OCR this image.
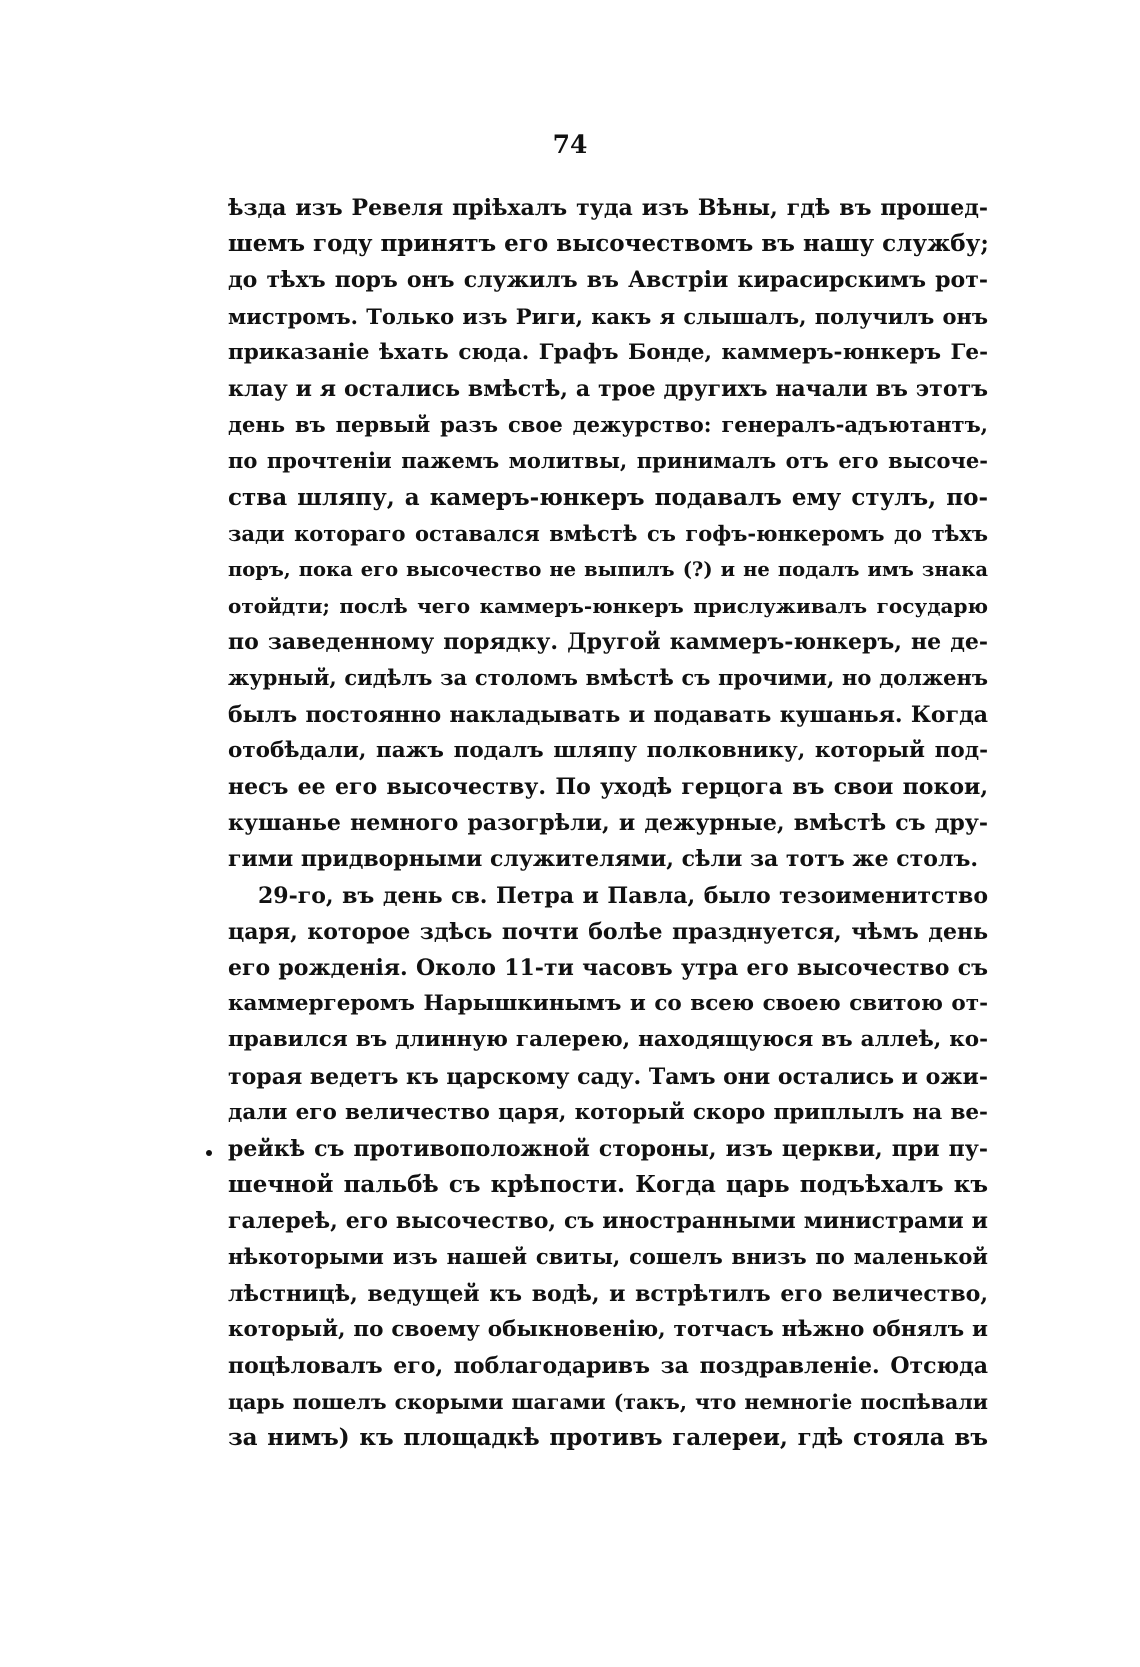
74
ѣзда изъ Ревеля пріѣхалъ туда изъ Вѣны, гдѣ въ прошед-
шемъ году принятъ его высочествомъ въ нашу службу;
до тѣхъ поръ онъ служилъ въ Австріи кирасирскимъ рот-
мистромъ. Только изъ Риги, какъ я слышалъ, получилъ онъ
приказаніе ѣхать сюда. Графъ Бонде, каммеръ-юнкеръ Ге-
клау и я остались вмѣстѣ, а трое другихъ начали въ этотъ
день въ первый разъ свое дежурство: генералъ-адъютантъ,
по прочтеніи пажемъ молитвы, принималъ отъ его высоче-
ства шляпу, а камеръ-юнкеръ подавалъ ему стулъ, по-
зади котораго оставался вмѣстѣ съ гофъ-юнкеромъ до тѣхъ
поръ, пока его высочество не выпилъ (?) и не подалъ имъ знака
отойдти; послѣ чего каммеръ-юнкеръ прислуживалъ государю
по заведенному порядку. Другой каммеръ-юнкеръ, не де-
журный, сидѣлъ за столомъ вмѣстѣ съ прочими, но долженъ
былъ постоянно накладывать и подавать кушанья. Когда
отобѣдали, пажъ подалъ шляпу полковнику, который под-
несъ ее его высочеству. По уходѣ герцога въ свои покои,
кушанье немного разогрѣли, и дежурные, вмѣстѣ съ дру-
гими придворными служителями, сѣли за тотъ же столъ.
29-го, въ день св. Петра и Павла, было тезоименитство
царя, которое здѣсь почти болѣе празднуется, чѣмъ день
его рожденія. Около 11-ти часовъ утра его высочество съ
каммергеромъ Нарышкинымъ и со всею своею свитою от-
правился въ длинную галерею, находящуюся въ аллеѣ, ко-
торая ведетъ къ царскому саду. Тамъ они остались и ожи-
дали его величество царя, который скоро приплылъ на ве-
рейкѣ съ противоположной стороны, изъ церкви, при пу-
шечной пальбѣ съ крѣпости. Когда царь подъѣхалъ къ
галереѣ, его высочество, съ иностранными министрами и
нѣкоторыми изъ нашей свиты, сошелъ внизъ по маленькой
лѣстницѣ, ведущей къ водѣ, и встрѣтилъ его величество,
который, по своему обыкновенію, тотчасъ нѣжно обнялъ и
поцѣловалъ его, поблагодаривъ за поздравленіе. Отсюда
царь пошелъ скорыми шагами (такъ, что немногіе поспѣвали
за нимъ) къ площадкѣ противъ галереи, гдѣ стояла въ
